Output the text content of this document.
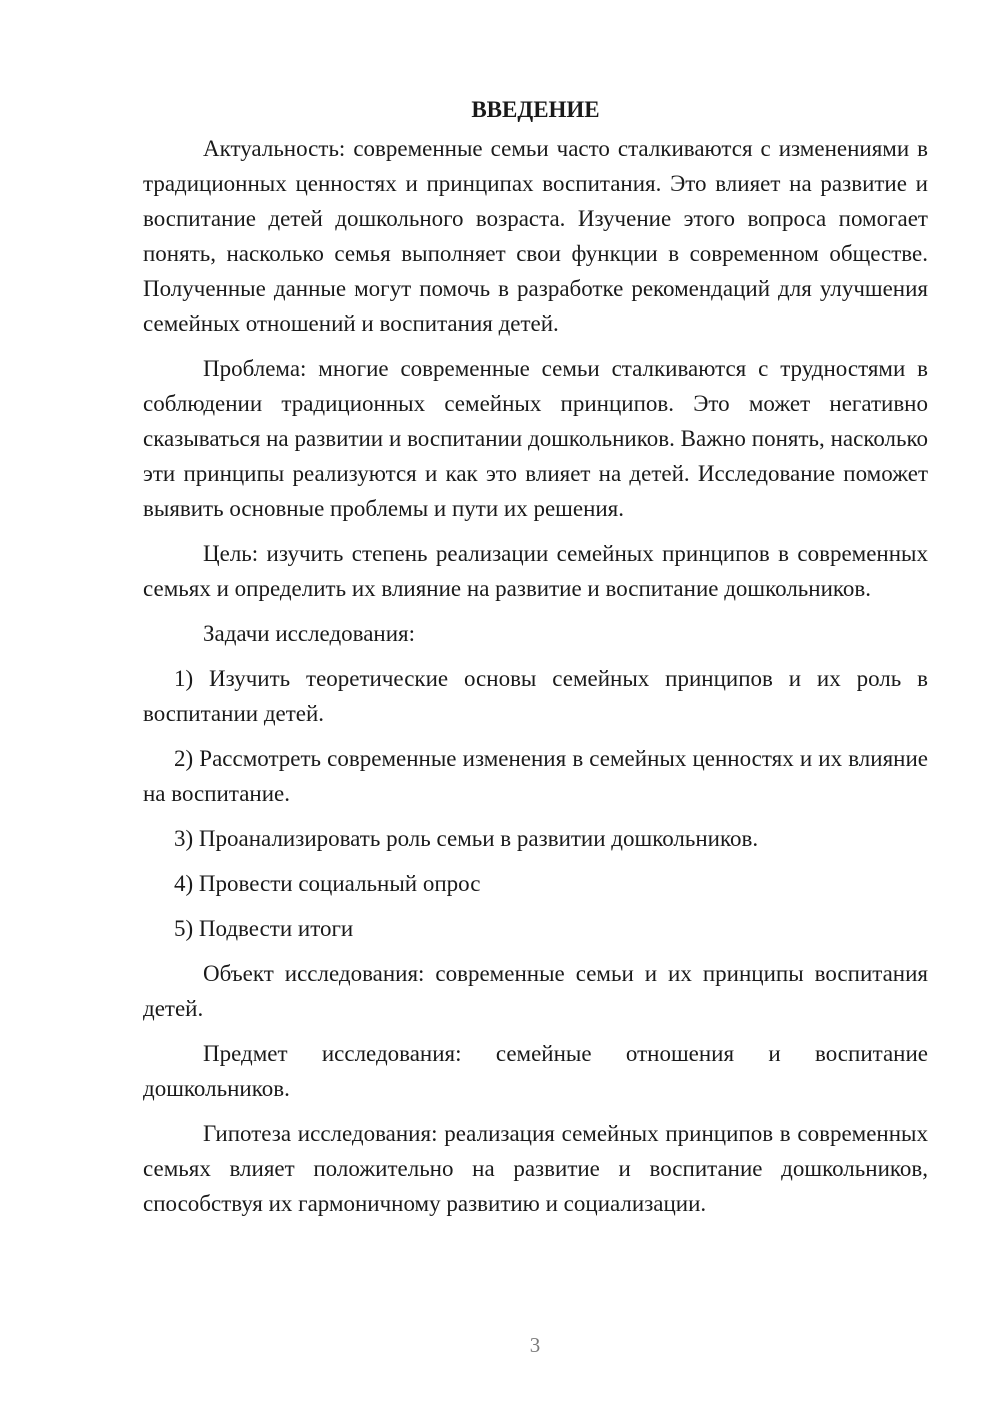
ВВЕДЕНИЕ

Актуальность: современные семьи часто сталкиваются с изменениями в традиционных ценностях и принципах воспитания. Это влияет на развитие и воспитание детей дошкольного возраста. Изучение этого вопроса помогает понять, насколько семья выполняет свои функции в современном обществе. Полученные данные могут помочь в разработке рекомендаций для улучшения семейных отношений и воспитания детей.

Проблема: многие современные семьи сталкиваются с трудностями в соблюдении традиционных семейных принципов. Это может негативно сказываться на развитии и воспитании дошкольников. Важно понять, насколько эти принципы реализуются и как это влияет на детей. Исследование поможет выявить основные проблемы и пути их решения.

Цель: изучить степень реализации семейных принципов в современных семьях и определить их влияние на развитие и воспитание дошкольников.

Задачи исследования:

1) Изучить теоретические основы семейных принципов и их роль в воспитании детей.

2) Рассмотреть современные изменения в семейных ценностях и их влияние на воспитание.

3) Проанализировать роль семьи в развитии дошкольников.

4) Провести социальный опрос

5) Подвести итоги

Объект исследования: современные семьи и их принципы воспитания детей.

Предмет исследования: семейные отношения и воспитание дошкольников.

Гипотеза исследования: реализация семейных принципов в современных семьях влияет положительно на развитие и воспитание дошкольников, способствуя их гармоничному развитию и социализации.

3
